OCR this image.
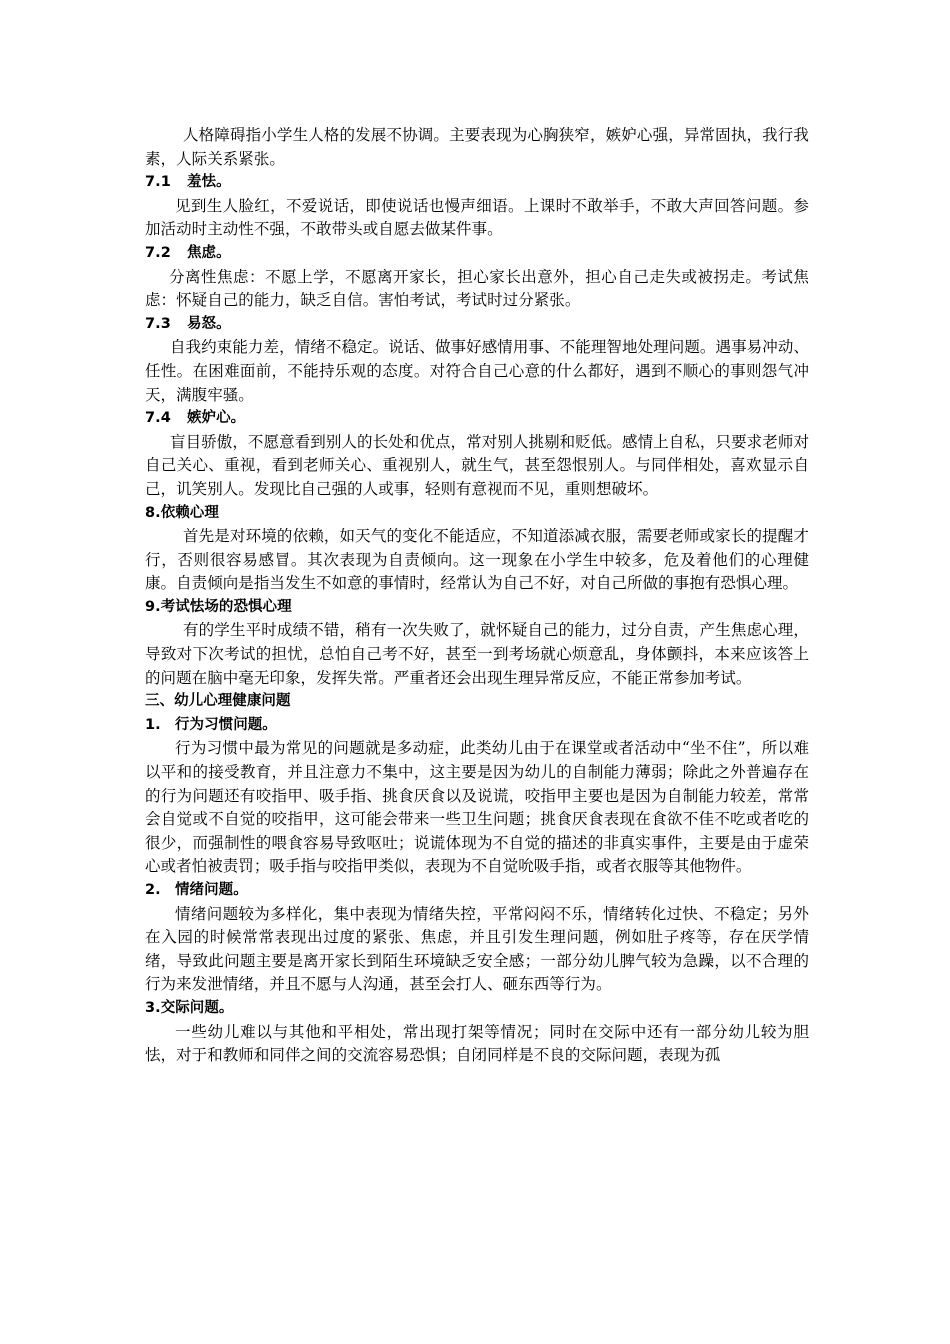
人格障碍指小学生人格的发展不协调。主要表现为心胸狭窄，嫉妒心强，异常固执，我行我素，人际关系紧张。

7.1 羞怯。

见到生人脸红，不爱说话，即使说话也慢声细语。上课时不敢举手，不敢大声回答问题。参加活动时主动性不强，不敢带头或自愿去做某件事。

7.2 焦虑。

分离性焦虑：不愿上学，不愿离开家长，担心家长出意外，担心自己走失或被拐走。考试焦虑：怀疑自己的能力，缺乏自信。害怕考试，考试时过分紧张。

7.3 易怒。

自我约束能力差，情绪不稳定。说话、做事好感情用事、不能理智地处理问题。遇事易冲动、任性。在困难面前，不能持乐观的态度。对符合自己心意的什么都好，遇到不顺心的事则怨气冲天，满腹牢骚。

7.4 嫉妒心。

盲目骄傲，不愿意看到别人的长处和优点，常对别人挑剔和贬低。感情上自私，只要求老师对自己关心、重视，看到老师关心、重视别人，就生气，甚至怨恨别人。与同伴相处，喜欢显示自己，讥笑别人。发现比自己强的人或事，轻则有意视而不见，重则想破坏。

8.依赖心理

首先是对环境的依赖，如天气的变化不能适应，不知道添减衣服，需要老师或家长的提醒才行，否则很容易感冒。其次表现为自责倾向。这一现象在小学生中较多，危及着他们的心理健康。自责倾向是指当发生不如意的事情时，经常认为自己不好，对自己所做的事抱有恐惧心理。

9.考试怯场的恐惧心理

有的学生平时成绩不错，稍有一次失败了，就怀疑自己的能力，过分自责，产生焦虑心理，导致对下次考试的担忧，总怕自己考不好，甚至一到考场就心烦意乱，身体颤抖，本来应该答上的问题在脑中毫无印象，发挥失常。严重者还会出现生理异常反应，不能正常参加考试。

三、幼儿心理健康问题

1. 行为习惯问题。

行为习惯中最为常见的问题就是多动症，此类幼儿由于在课堂或者活动中“坐不住”，所以难以平和的接受教育，并且注意力不集中，这主要是因为幼儿的自制能力薄弱；除此之外普遍存在的行为问题还有咬指甲、吸手指、挑食厌食以及说谎，咬指甲主要也是因为自制能力较差，常常会自觉或不自觉的咬指甲，这可能会带来一些卫生问题；挑食厌食表现在食欲不佳不吃或者吃的很少，而强制性的喂食容易导致呕吐；说谎体现为不自觉的描述的非真实事件，主要是由于虚荣心或者怕被责罚；吸手指与咬指甲类似，表现为不自觉吮吸手指，或者衣服等其他物件。

2. 情绪问题。

情绪问题较为多样化，集中表现为情绪失控，平常闷闷不乐，情绪转化过快、不稳定；另外在入园的时候常常表现出过度的紧张、焦虑，并且引发生理问题，例如肚子疼等，存在厌学情绪，导致此问题主要是离开家长到陌生环境缺乏安全感；一部分幼儿脾气较为急躁，以不合理的行为来发泄情绪，并且不愿与人沟通，甚至会打人、砸东西等行为。

3.交际问题。

一些幼儿难以与其他和平相处，常出现打架等情况；同时在交际中还有一部分幼儿较为胆怯，对于和教师和同伴之间的交流容易恐惧；自闭同样是不良的交际问题，表现为孤
